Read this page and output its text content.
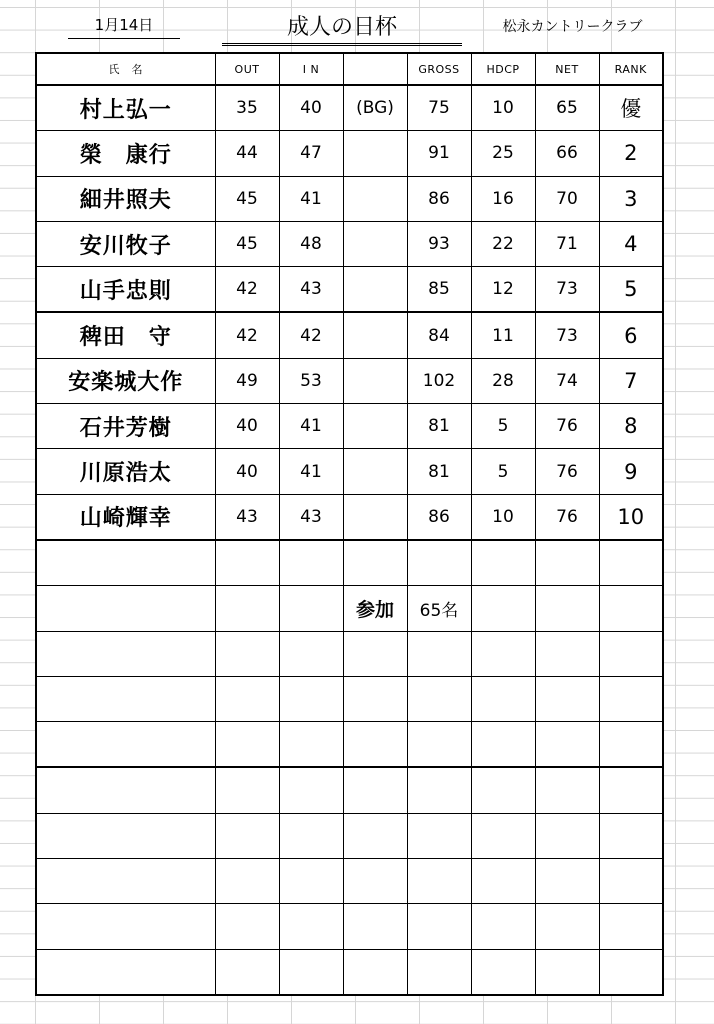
1月14日	成人の日杯	松永カントリークラブ
氏　名	OUT	I N		GROSS	HDCP	NET	RANK
村上弘一	35	40	(BG)	75	10	65	優
榮　康行	44	47		91	25	66	2
細井照夫	45	41		86	16	70	3
安川牧子	45	48		93	22	71	4
山手忠則	42	43		85	12	73	5
稗田　守	42	42		84	11	73	6
安楽城大作	49	53		102	28	74	7
石井芳樹	40	41		81	5	76	8
川原浩太	40	41		81	5	76	9
山崎輝幸	43	43		86	10	76	10

			参加	65名			
